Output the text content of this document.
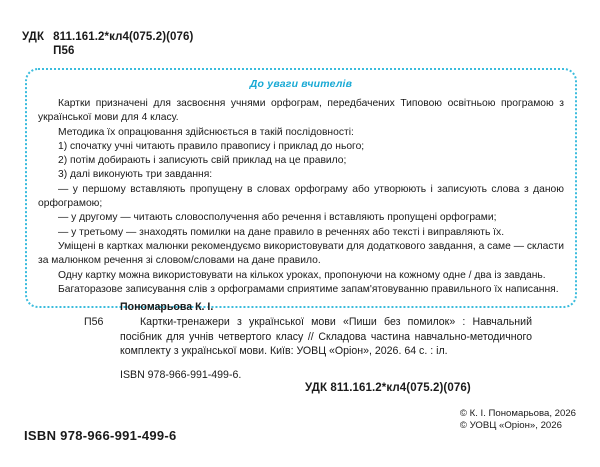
УДК 811.161.2*кл4(075.2)(076)
П56
До уваги вчителів

Картки призначені для засвоєння учнями орфограм, передбачених Типовою освітньою програмою з української мови для 4 класу.

Методика їх опрацювання здійснюється в такій послідовності:

1) спочатку учні читають правило правопису і приклад до нього;

2) потім добирають і записують свій приклад на це правило;

3) далі виконують три завдання:

— у першому вставляють пропущену в словах орфограму або утворюють і записують слова з даною орфограмою;

— у другому — читають словосполучення або речення і вставляють пропущені орфограми;

— у третьому — знаходять помилки на дане правило в реченнях або тексті і виправляють їх.

Уміщені в картках малюнки рекомендуємо використовувати для додаткового завдання, а саме — скласти за малюнком речення зі словом/словами на дане правило.

Одну картку можна використовувати на кількох уроках, пропонуючи на кожному одне / два із завдань.

Багаторазове записування слів з орфограмами сприятиме запам'ятовуванню правильного їх написання.

Пономарьова К. І.
П56	Картки-тренажери з української мови «Пиши без помилок» : Навчальний посібник для учнів четвертого класу // Складова частина навчально-методичного комплекту з української мови. Київ: УОВЦ «Оріон», 2026. 64 с. : іл.
ISBN 978-966-991-499-6.
УДК 811.161.2*кл4(075.2)(076)
© К. І. Пономарьова, 2026
© УОВЦ «Оріон», 2026
ISBN 978-966-991-499-6
